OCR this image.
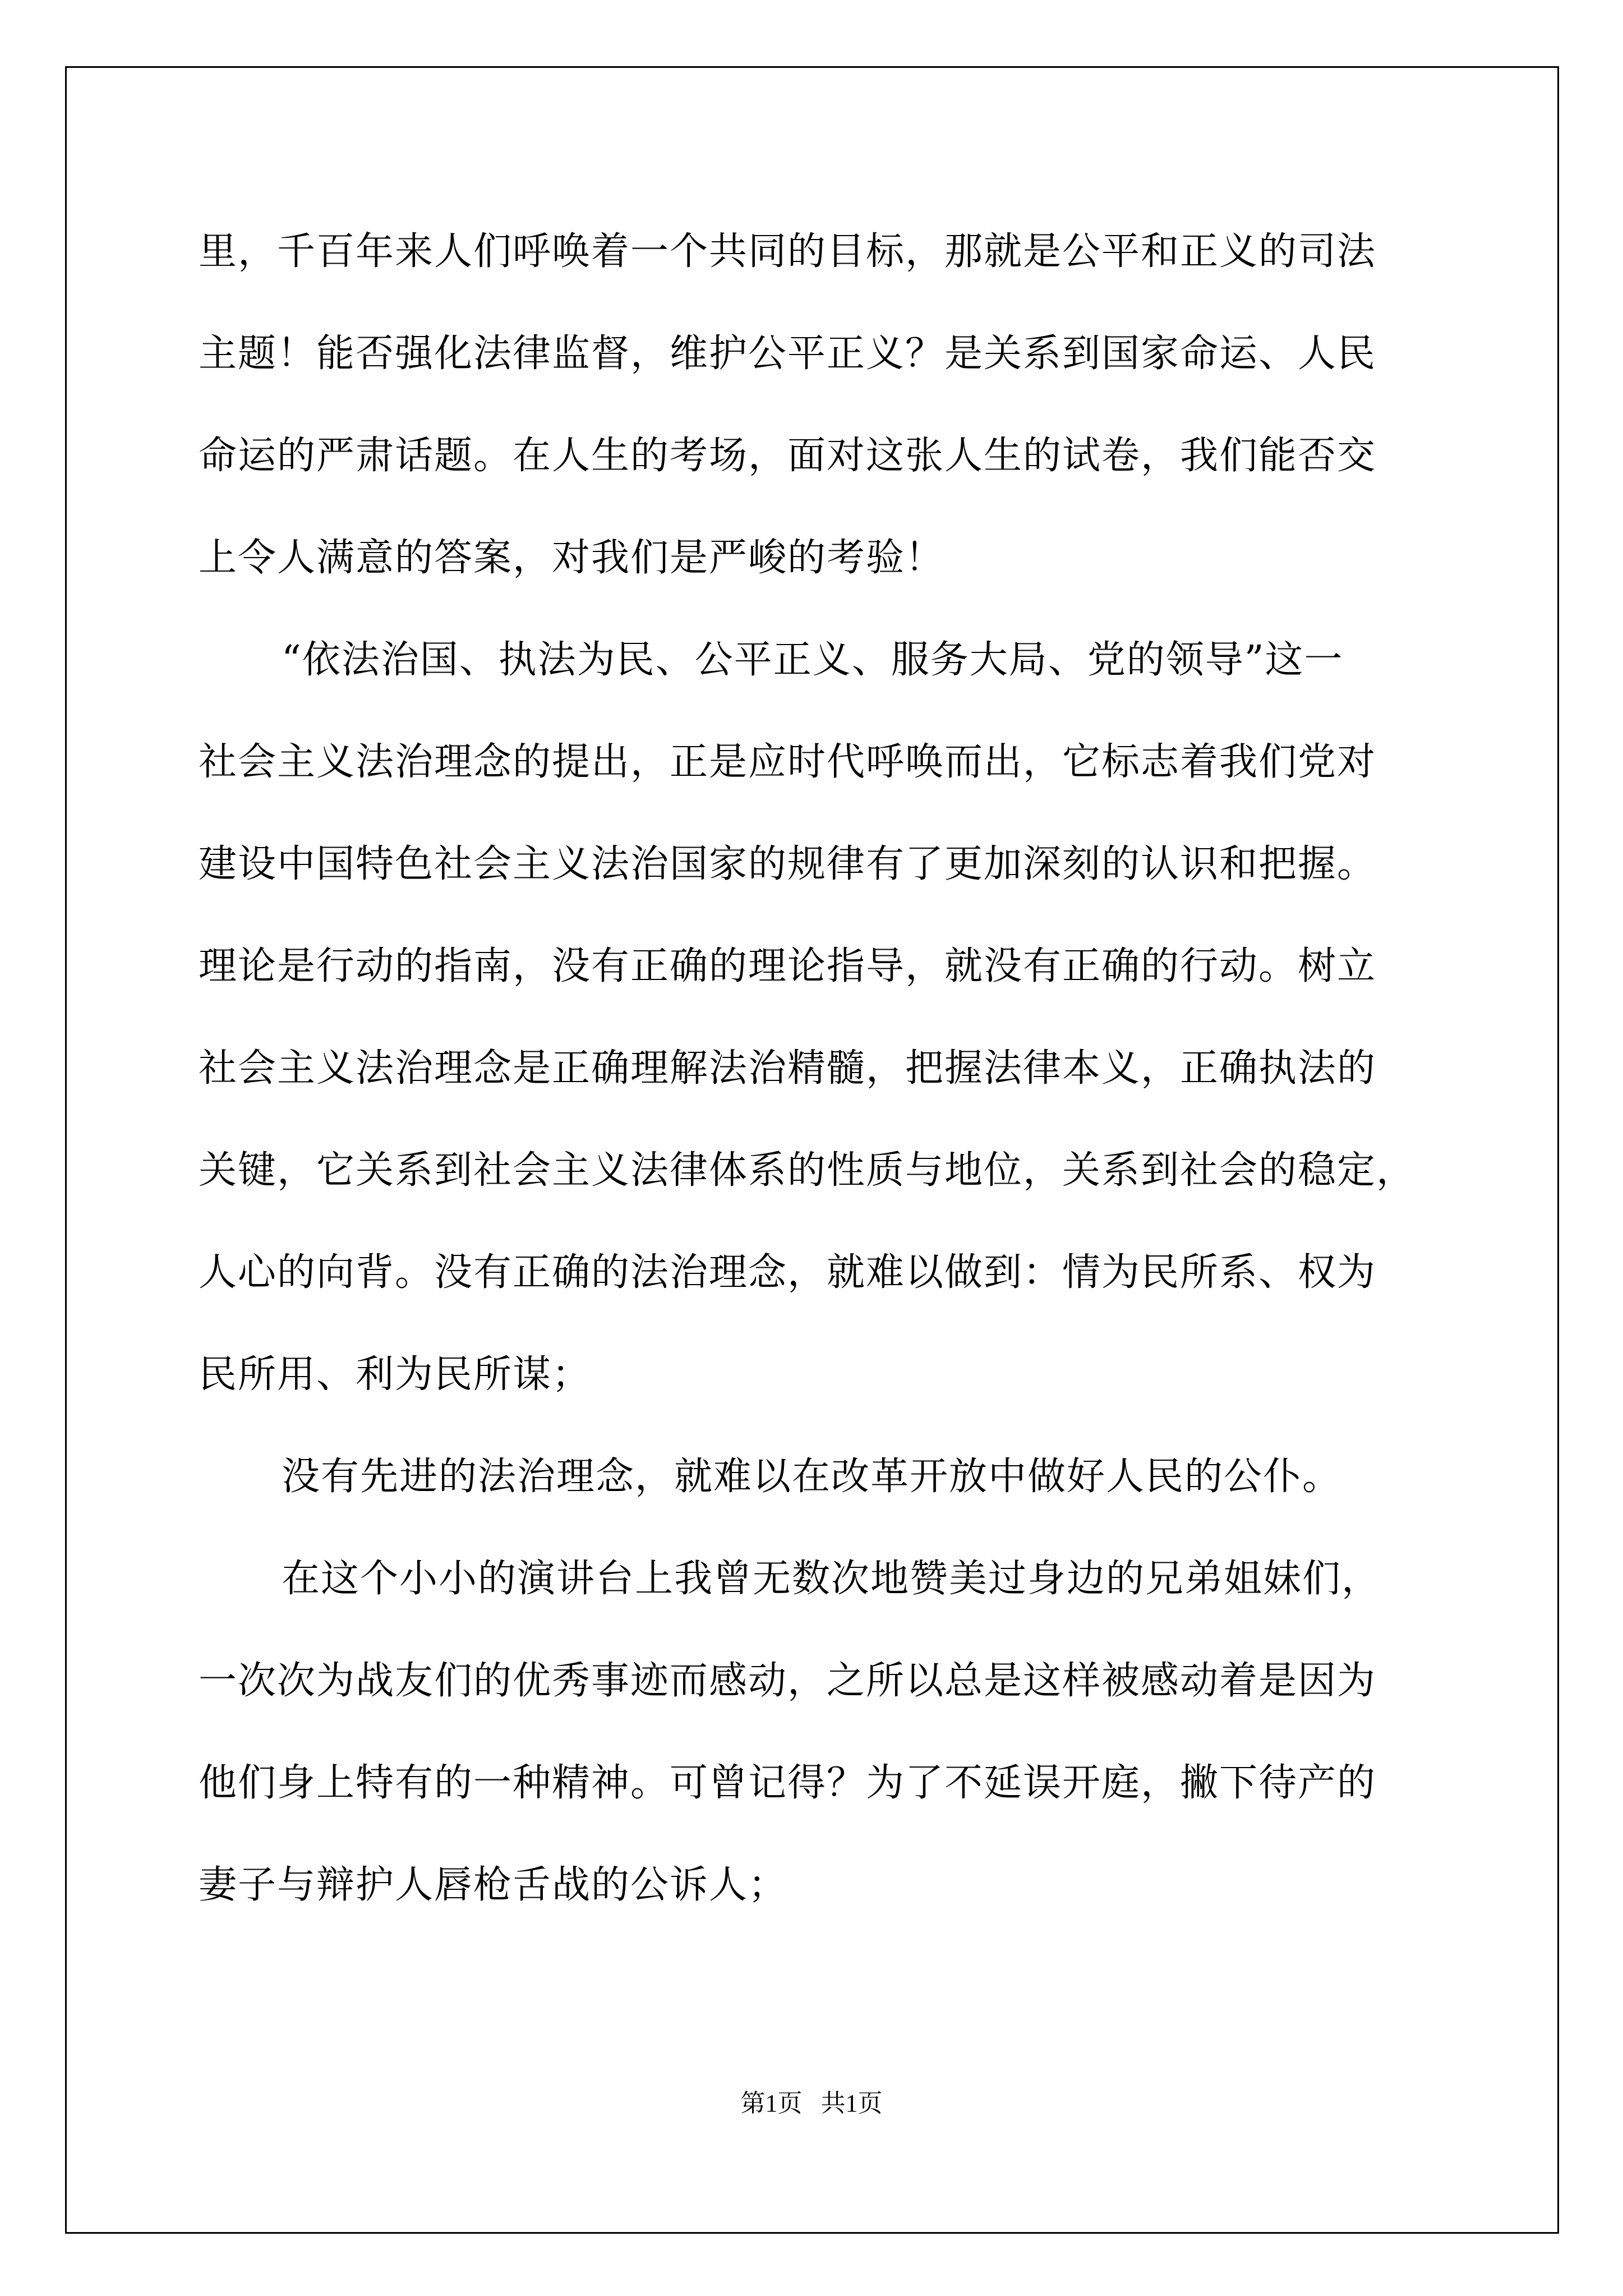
里，千百年来人们呼唤着一个共同的目标，那就是公平和正义的司法
主题！能否强化法律监督，维护公平正义？是关系到国家命运、人民
命运的严肃话题。在人生的考场，面对这张人生的试卷，我们能否交
上令人满意的答案，对我们是严峻的考验！
“依法治国、执法为民、公平正义、服务大局、党的领导”这一
社会主义法治理念的提出，正是应时代呼唤而出，它标志着我们党对
建设中国特色社会主义法治国家的规律有了更加深刻的认识和把握。
理论是行动的指南，没有正确的理论指导，就没有正确的行动。树立
社会主义法治理念是正确理解法治精髓，把握法律本义，正确执法的
关键，它关系到社会主义法律体系的性质与地位，关系到社会的稳定，
人心的向背。没有正确的法治理念，就难以做到：情为民所系、权为
民所用、利为民所谋；
没有先进的法治理念，就难以在改革开放中做好人民的公仆。
在这个小小的演讲台上我曾无数次地赞美过身边的兄弟姐妹们，
一次次为战友们的优秀事迹而感动，之所以总是这样被感动着是因为
他们身上特有的一种精神。可曾记得？为了不延误开庭，撇下待产的
妻子与辩护人唇枪舌战的公诉人；
第1页 共1页
